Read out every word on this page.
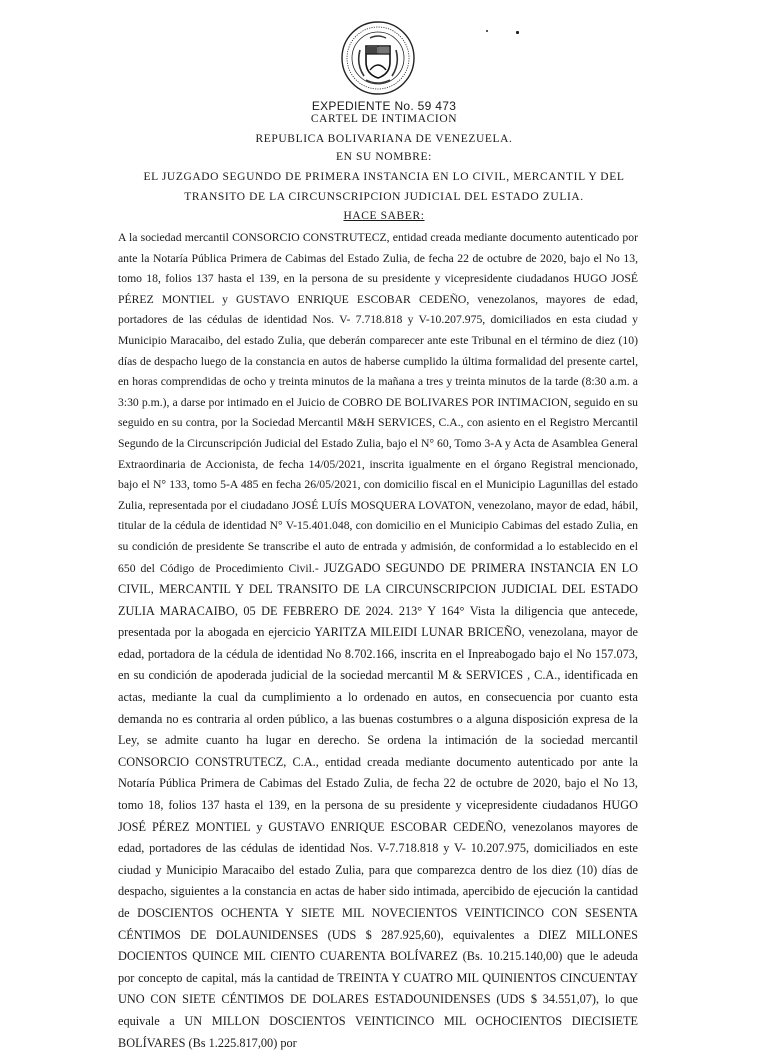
EXPEDIENTE No. 59 473

CARTEL DE INTIMACION

REPUBLICA BOLIVARIANA DE VENEZUELA.

EN SU NOMBRE:

EL JUZGADO SEGUNDO DE PRIMERA INSTANCIA EN LO CIVIL, MERCANTIL Y DEL

TRANSITO DE LA CIRCUNSCRIPCION JUDICIAL DEL ESTADO ZULIA.

HACE SABER:

A la sociedad mercantil CONSORCIO CONSTRUTECZ, entidad creada mediante documento autenticado por ante la Notaría Pública Primera de Cabimas del Estado Zulia, de fecha 22 de octubre de 2020, bajo el No 13, tomo 18, folios 137 hasta el 139, en la persona de su presidente y vicepresidente ciudadanos HUGO JOSÉ PÉREZ MONTIEL y GUSTAVO ENRIQUE ESCOBAR CEDEÑO, venezolanos, mayores de edad, portadores de las cédulas de identidad Nos. V- 7.718.818 y V-10.207.975, domiciliados en esta ciudad y Municipio Maracaibo, del estado Zulia, que deberán comparecer ante este Tribunal en el término de diez (10) días de despacho luego de la constancia en autos de haberse cumplido la última formalidad del presente cartel, en horas comprendidas de ocho y treinta minutos de la mañana a tres y treinta minutos de la tarde (8:30 a.m. a 3:30 p.m.), a darse por intimado en el Juicio de COBRO DE BOLIVARES POR INTIMACION, seguido en su seguido en su contra, por la Sociedad Mercantil M&H SERVICES, C.A., con asiento en el Registro Mercantil Segundo de la Circunscripción Judicial del Estado Zulia, bajo el N° 60, Tomo 3-A y Acta de Asamblea General Extraordinaria de Accionista, de fecha 14/05/2021, inscrita igualmente en el órgano Registral mencionado, bajo el N° 133, tomo 5-A 485 en fecha 26/05/2021, con domicilio fiscal en el Municipio Lagunillas del estado Zulia, representada por el ciudadano JOSÉ LUÍS MOSQUERA LOVATON, venezolano, mayor de edad, hábil, titular de la cédula de identidad N° V-15.401.048, con domicilio en el Municipio Cabimas del estado Zulia, en su condición de presidente Se transcribe el auto de entrada y admisión, de conformidad a lo establecido en el 650 del Código de Procedimiento Civil.- JUZGADO SEGUNDO DE PRIMERA INSTANCIA EN LO CIVIL, MERCANTIL Y DEL TRANSITO DE LA CIRCUNSCRIPCION JUDICIAL DEL ESTADO ZULIA MARACAIBO, 05 DE FEBRERO DE 2024. 213° Y 164° Vista la diligencia que antecede, presentada por la abogada en ejercicio YARITZA MILEIDI LUNAR BRICEÑO, venezolana, mayor de edad, portadora de la cédula de identidad No 8.702.166, inscrita en el Inpreabogado bajo el No 157.073, en su condición de apoderada judicial de la sociedad mercantil M & SERVICES , C.A., identificada en actas, mediante la cual da cumplimiento a lo ordenado en autos, en consecuencia por cuanto esta demanda no es contraria al orden público, a las buenas costumbres o a alguna disposición expresa de la Ley, se admite cuanto ha lugar en derecho. Se ordena la intimación de la sociedad mercantil CONSORCIO CONSTRUTECZ, C.A., entidad creada mediante documento autenticado por ante la Notaría Pública Primera de Cabimas del Estado Zulia, de fecha 22 de octubre de 2020, bajo el No 13, tomo 18, folios 137 hasta el 139, en la persona de su presidente y vicepresidente ciudadanos HUGO JOSÉ PÉREZ MONTIEL y GUSTAVO ENRIQUE ESCOBAR CEDEÑO, venezolanos mayores de edad, portadores de las cédulas de identidad Nos. V-7.718.818 y V- 10.207.975, domiciliados en este ciudad y Municipio Maracaibo del estado Zulia, para que comparezca dentro de los diez (10) días de despacho, siguientes a la constancia en actas de haber sido intimada, apercibido de ejecución la cantidad de DOSCIENTOS OCHENTA Y SIETE MIL NOVECIENTOS VEINTICINCO CON SESENTA CÉNTIMOS DE DOLAUNIDENSES (UDS $ 287.925,60), equivalentes a DIEZ MILLONES DOCIENTOS QUINCE MIL CIENTO CUARENTA BOLÍVAREZ (Bs. 10.215.140,00) que le adeuda por concepto de capital, más la cantidad de TREINTA Y CUATRO MIL QUINIENTOS CINCUENTAY UNO CON SIETE CÉNTIMOS DE DOLARES ESTADOUNIDENSES (UDS $ 34.551,07), lo que equivale a UN MILLON DOSCIENTOS VEINTICINCO MIL OCHOCIENTOS DIECISIETE BOLÍVARES (Bs 1.225.817,00) por
